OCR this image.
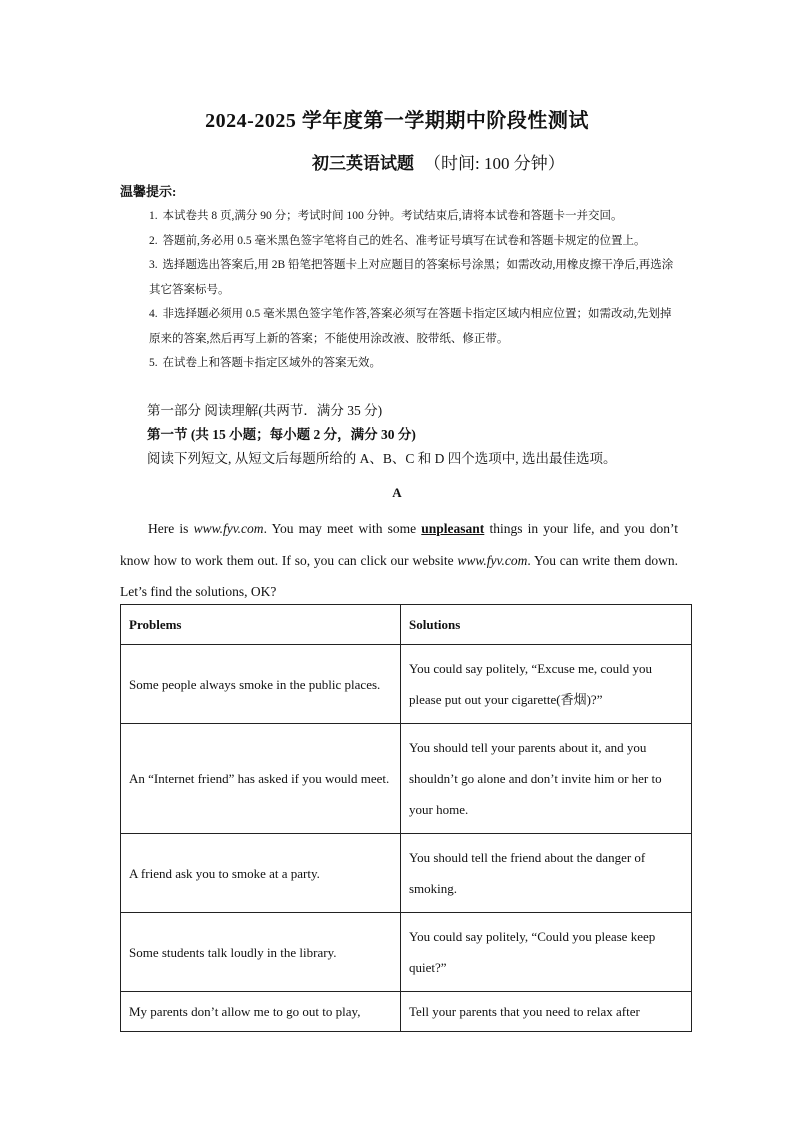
2024-2025 学年度第一学期期中阶段性测试
初三英语试题 （时间: 100 分钟）
温馨提示:
1. 本试卷共 8 页,满分 90 分；考试时间 100 分钟。考试结束后,请将本试卷和答题卡一并交回。
2. 答题前,务必用 0.5 毫米黑色签字笔将自己的姓名、准考证号填写在试卷和答题卡规定的位置上。
3. 选择题选出答案后,用 2B 铅笔把答题卡上对应题目的答案标号涂黑；如需改动,用橡皮擦干净后,再选涂其它答案标号。
4. 非选择题必须用 0.5 毫米黑色签字笔作答,答案必须写在答题卡指定区域内相应位置；如需改动,先划掉原来的答案,然后再写上新的答案；不能使用涂改液、胶带纸、修正带。
5. 在试卷上和答题卡指定区域外的答案无效。
第一部分 阅读理解(共两节．满分 35 分)
第一节 (共 15 小题；每小题 2 分，满分 30 分)
阅读下列短文, 从短文后每题所给的 A、B、C 和 D 四个选项中, 选出最佳选项。
A

Here is www.fyv.com. You may meet with some unpleasant things in your life, and you don’t know how to work them out. If so, you can click our website www.fyv.com. You can write them down. Let’s find the solutions, OK?

Problems	Solutions
Some people always smoke in the public places.	You could say politely, “Excuse me, could you please put out your cigarette(香烟)?”
An “Internet friend” has asked if you would meet.	You should tell your parents about it, and you shouldn’t go alone and don’t invite him or her to your home.
A friend ask you to smoke at a party.	You should tell the friend about the danger of smoking.
Some students talk loudly in the library.	You could say politely, “Could you please keep quiet?”
My parents don’t allow me to go out to play,	Tell your parents that you need to relax after
